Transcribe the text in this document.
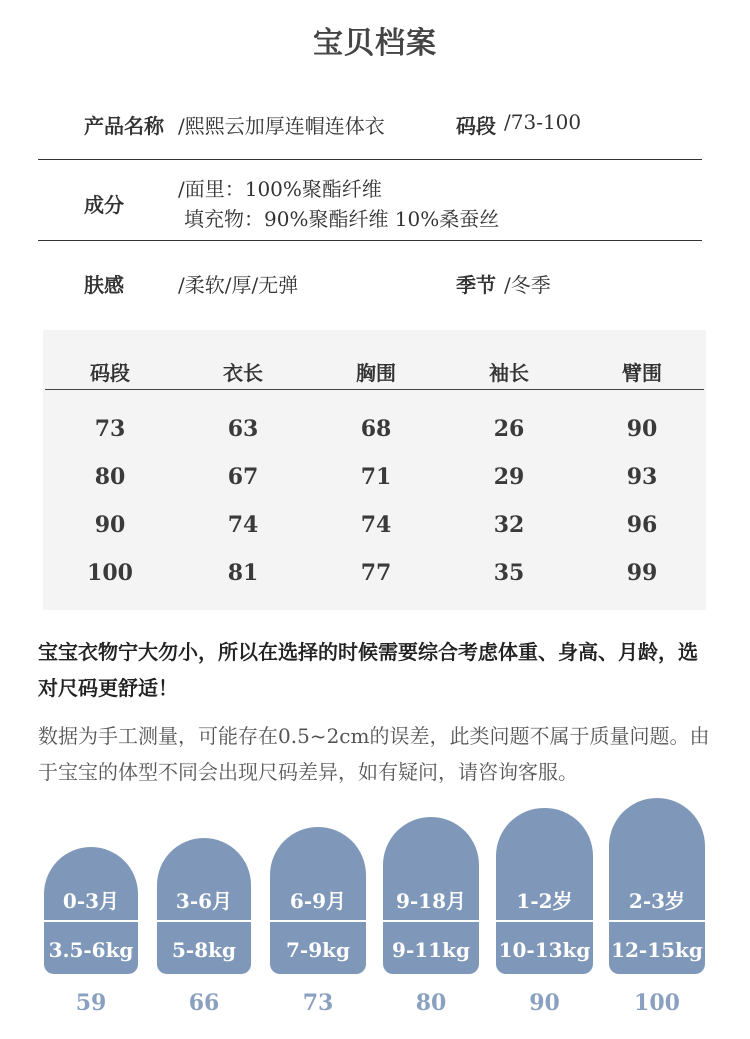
宝贝档案
产品名称 /熙熙云加厚连帽连体衣	码段 /73-100
成分
/面里：100%聚酯纤维
填充物：90%聚酯纤维 10%桑蚕丝
肤感	/柔软/厚/无弹	季节 /冬季
码段	衣长	胸围	袖长	臂围
73	63	68	26	90
80	67	71	29	93
90	74	74	32	96
100	81	77	35	99
宝宝衣物宁大勿小，所以在选择的时候需要综合考虑体重、身高、月龄，选对尺码更舒适！
数据为手工测量，可能存在0.5~2cm的误差，此类问题不属于质量问题。由于宝宝的体型不同会出现尺码差异，如有疑问，请咨询客服。
0-3月
3.5-6kg
3-6月
5-8kg
6-9月
7-9kg
9-18月
9-11kg
1-2岁
10-13kg
2-3岁
12-15kg
59	66	73	80	90	100
